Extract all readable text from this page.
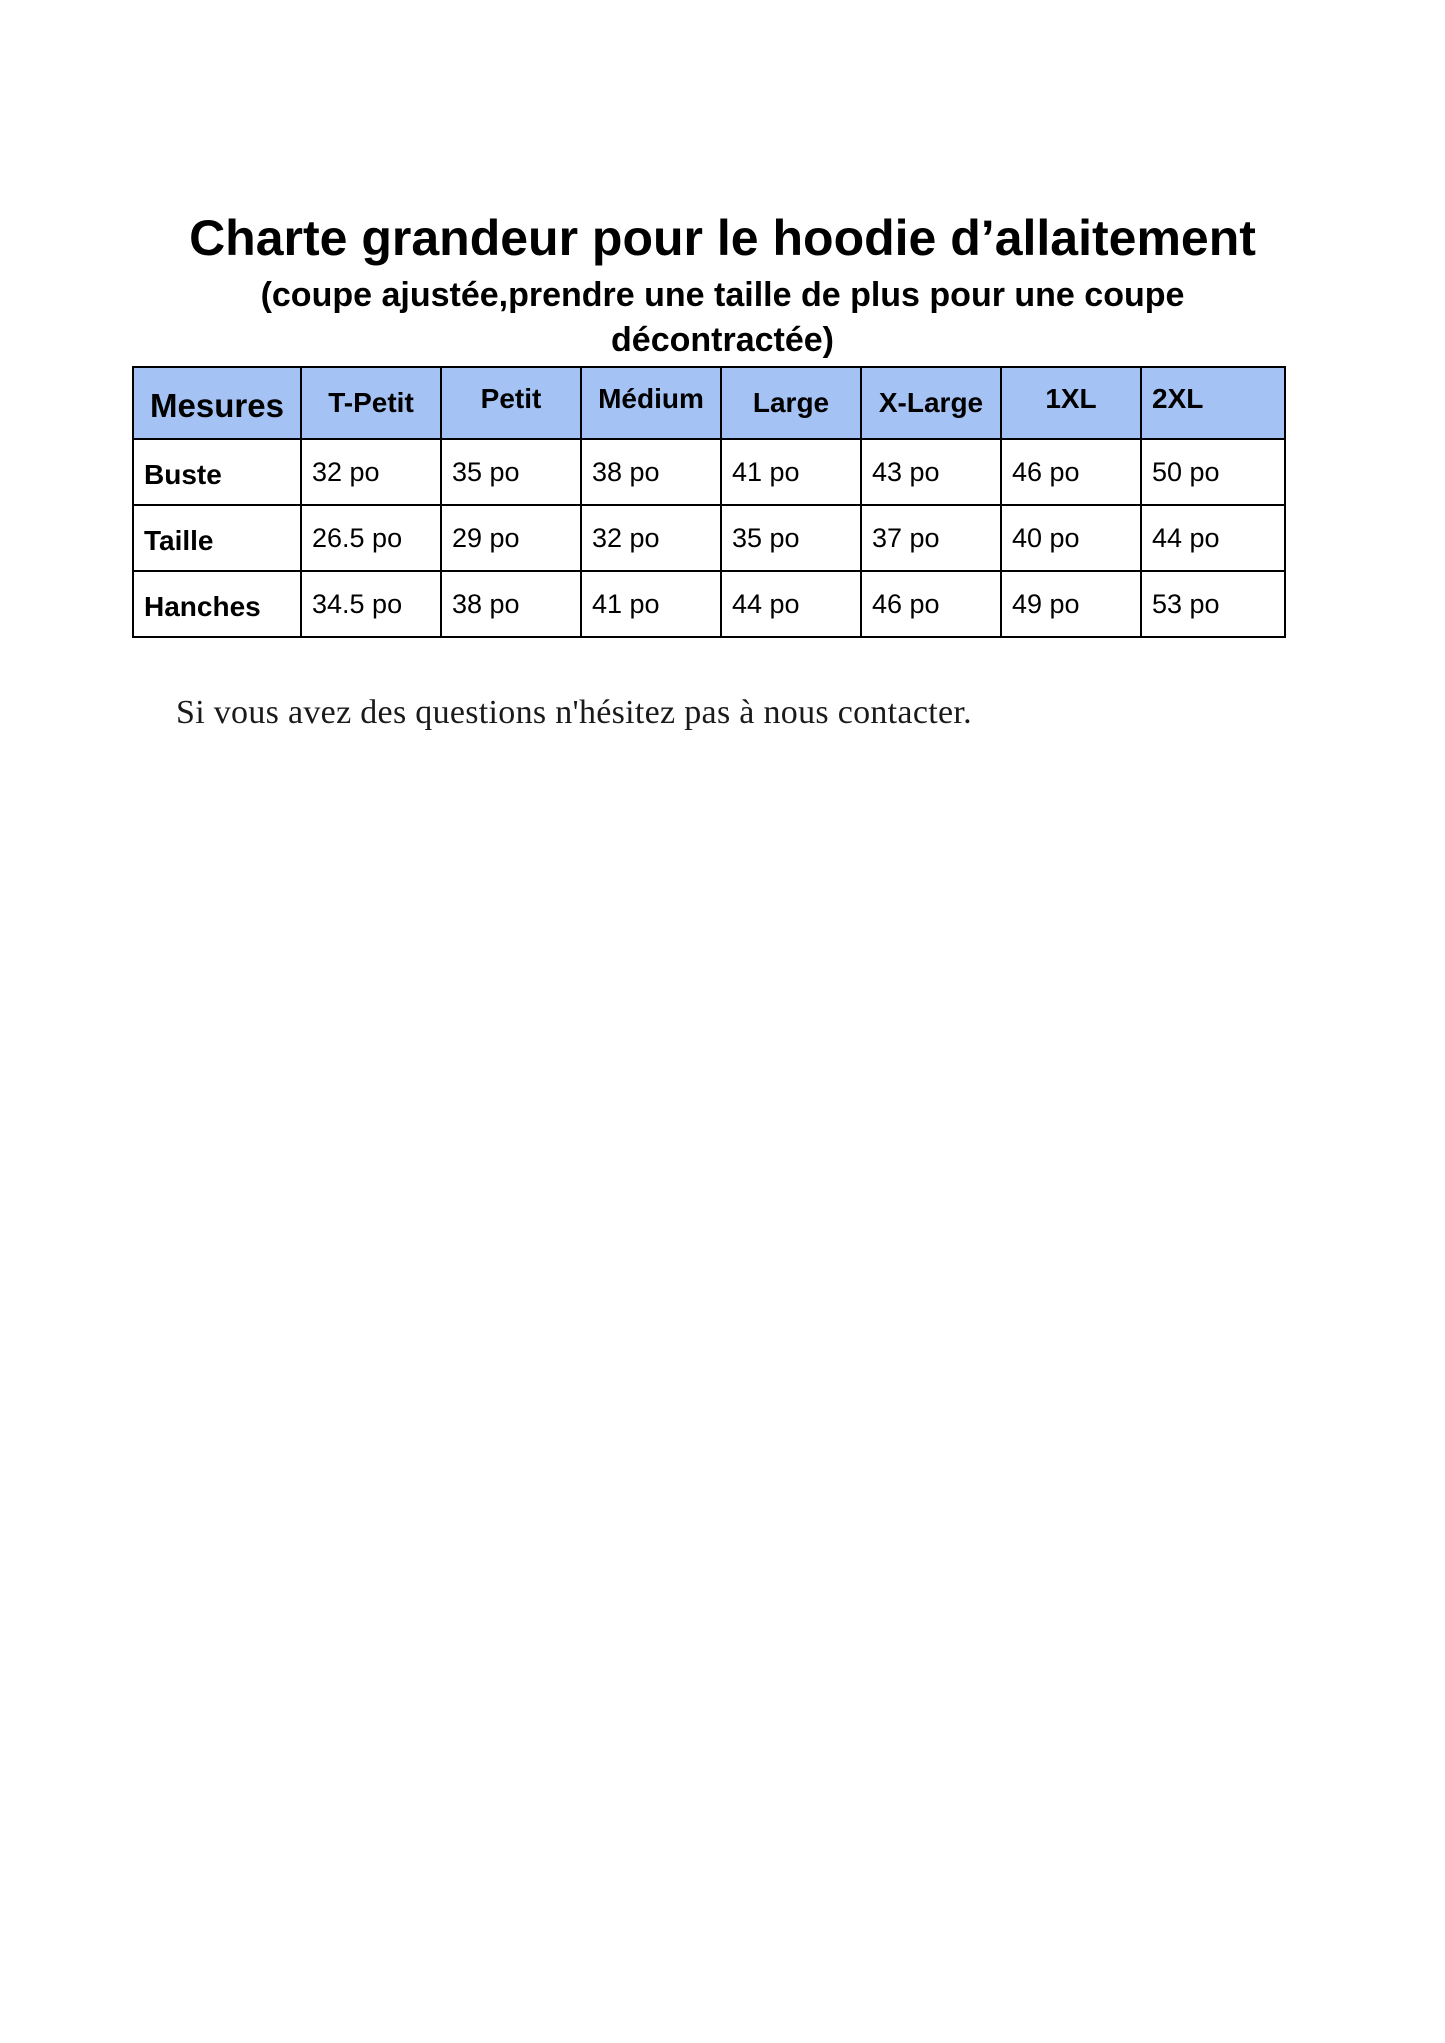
Charte grandeur pour le hoodie d’allaitement

(coupe ajustée,prendre une taille de plus pour une coupe décontractée)

Mesures	T-Petit	Petit	Médium	Large	X-Large	1XL	2XL
Buste	32 po	35 po	38 po	41 po	43 po	46 po	50 po
Taille	26.5 po	29 po	32 po	35 po	37 po	40 po	44 po
Hanches	34.5 po	38 po	41 po	44 po	46 po	49 po	53 po

Si vous avez des questions n'hésitez pas à nous contacter.
